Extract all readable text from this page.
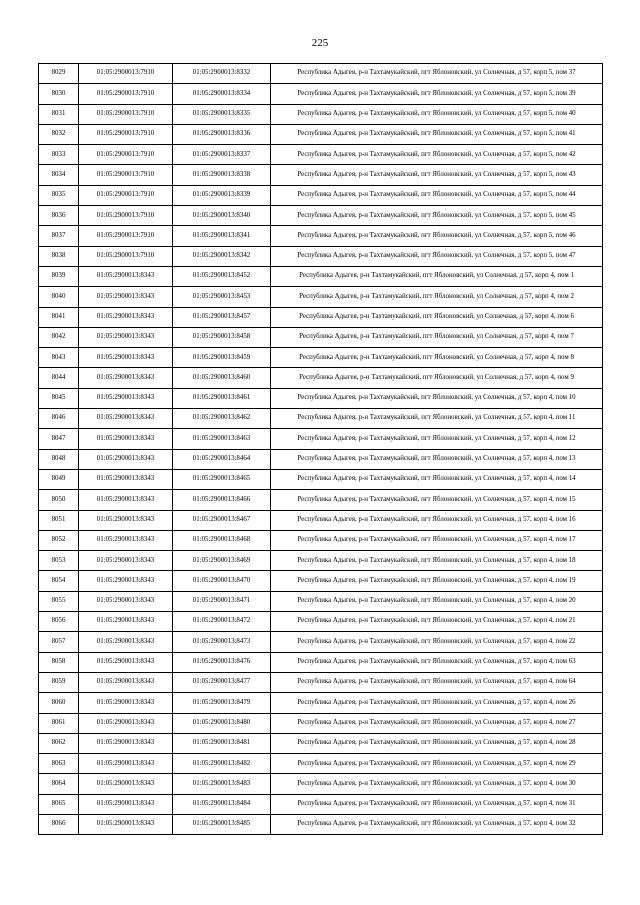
225
8029	01:05:2900013:7910	01:05:2900013:8332	Республика Адыгея, р-н Тахтамукайский, пгт Яблоновский, ул Солнечная, д 57, корп 5, пом 37
8030	01:05:2900013:7910	01:05:2900013:8334	Республика Адыгея, р-н Тахтамукайский, пгт Яблоновский, ул Солнечная, д 57, корп 5, пом 39
8031	01:05:2900013:7910	01:05:2900013:8335	Республика Адыгея, р-н Тахтамукайский, пгт Яблоновский, ул Солнечная, д 57, корп 5, пом 40
8032	01:05:2900013:7910	01:05:2900013:8336	Республика Адыгея, р-н Тахтамукайский, пгт Яблоновский, ул Солнечная, д 57, корп 5, пом 41
8033	01:05:2900013:7910	01:05:2900013:8337	Республика Адыгея, р-н Тахтамукайский, пгт Яблоновский, ул Солнечная, д 57, корп 5, пом 42
8034	01:05:2900013:7910	01:05:2900013:8338	Республика Адыгея, р-н Тахтамукайский, пгт Яблоновский, ул Солнечная, д 57, корп 5, пом 43
8035	01:05:2900013:7910	01:05:2900013:8339	Республика Адыгея, р-н Тахтамукайский, пгт Яблоновский, ул Солнечная, д 57, корп 5, пом 44
8036	01:05:2900013:7910	01:05:2900013:8340	Республика Адыгея, р-н Тахтамукайский, пгт Яблоновский, ул Солнечная, д 57, корп 5, пом 45
8037	01:05:2900013:7910	01:05:2900013:8341	Республика Адыгея, р-н Тахтамукайский, пгт Яблоновский, ул Солнечная, д 57, корп 5, пом 46
8038	01:05:2900013:7910	01:05:2900013:8342	Республика Адыгея, р-н Тахтамукайский, пгт Яблоновский, ул Солнечная, д 57, корп 5, пом 47
8039	01:05:2900013:8343	01:05:2900013:8452	Республика Адыгея, р-н Тахтамукайский, пгт Яблоновский, ул Солнечная, д 57, корп 4, пом 1
8040	01:05:2900013:8343	01:05:2900013:8453	Республика Адыгея, р-н Тахтамукайский, пгт Яблоновский, ул Солнечная, д 57, корп 4, пом 2
8041	01:05:2900013:8343	01:05:2900013:8457	Республика Адыгея, р-н Тахтамукайский, пгт Яблоновский, ул Солнечная, д 57, корп 4, пом 6
8042	01:05:2900013:8343	01:05:2900013:8458	Республика Адыгея, р-н Тахтамукайский, пгт Яблоновский, ул Солнечная, д 57, корп 4, пом 7
8043	01:05:2900013:8343	01:05:2900013:8459	Республика Адыгея, р-н Тахтамукайский, пгт Яблоновский, ул Солнечная, д 57, корп 4, пом 8
8044	01:05:2900013:8343	01:05:2900013:8460	Республика Адыгея, р-н Тахтамукайский, пгт Яблоновский, ул Солнечная, д 57, корп 4, пом 9
8045	01:05:2900013:8343	01:05:2900013:8461	Республика Адыгея, р-н Тахтамукайский, пгт Яблоновский, ул Солнечная, д 57, корп 4, пом 10
8046	01:05:2900013:8343	01:05:2900013:8462	Республика Адыгея, р-н Тахтамукайский, пгт Яблоновский, ул Солнечная, д 57, корп 4, пом 11
8047	01:05:2900013:8343	01:05:2900013:8463	Республика Адыгея, р-н Тахтамукайский, пгт Яблоновский, ул Солнечная, д 57, корп 4, пом 12
8048	01:05:2900013:8343	01:05:2900013:8464	Республика Адыгея, р-н Тахтамукайский, пгт Яблоновский, ул Солнечная, д 57, корп 4, пом 13
8049	01:05:2900013:8343	01:05:2900013:8465	Республика Адыгея, р-н Тахтамукайский, пгт Яблоновский, ул Солнечная, д 57, корп 4, пом 14
8050	01:05:2900013:8343	01:05:2900013:8466	Республика Адыгея, р-н Тахтамукайский, пгт Яблоновский, ул Солнечная, д 57, корп 4, пом 15
8051	01:05:2900013:8343	01:05:2900013:8467	Республика Адыгея, р-н Тахтамукайский, пгт Яблоновский, ул Солнечная, д 57, корп 4, пом 16
8052	01:05:2900013:8343	01:05:2900013:8468	Республика Адыгея, р-н Тахтамукайский, пгт Яблоновский, ул Солнечная, д 57, корп 4, пом 17
8053	01:05:2900013:8343	01:05:2900013:8469	Республика Адыгея, р-н Тахтамукайский, пгт Яблоновский, ул Солнечная, д 57, корп 4, пом 18
8054	01:05:2900013:8343	01:05:2900013:8470	Республика Адыгея, р-н Тахтамукайский, пгт Яблоновский, ул Солнечная, д 57, корп 4, пом 19
8055	01:05:2900013:8343	01:05:2900013:8471	Республика Адыгея, р-н Тахтамукайский, пгт Яблоновский, ул Солнечная, д 57, корп 4, пом 20
8056	01:05:2900013:8343	01:05:2900013:8472	Республика Адыгея, р-н Тахтамукайский, пгт Яблоновский, ул Солнечная, д 57, корп 4, пом 21
8057	01:05:2900013:8343	01:05:2900013:8473	Республика Адыгея, р-н Тахтамукайский, пгт Яблоновский, ул Солнечная, д 57, корп 4, пом 22
8058	01:05:2900013:8343	01:05:2900013:8476	Республика Адыгея, р-н Тахтамукайский, пгт Яблоновский, ул Солнечная, д 57, корп 4, пом 63
8059	01:05:2900013:8343	01:05:2900013:8477	Республика Адыгея, р-н Тахтамукайский, пгт Яблоновский, ул Солнечная, д 57, корп 4, пом 64
8060	01:05:2900013:8343	01:05:2900013:8479	Республика Адыгея, р-н Тахтамукайский, пгт Яблоновский, ул Солнечная, д 57, корп 4, пом 26
8061	01:05:2900013:8343	01:05:2900013:8480	Республика Адыгея, р-н Тахтамукайский, пгт Яблоновский, ул Солнечная, д 57, корп 4, пом 27
8062	01:05:2900013:8343	01:05:2900013:8481	Республика Адыгея, р-н Тахтамукайский, пгт Яблоновский, ул Солнечная, д 57, корп 4, пом 28
8063	01:05:2900013:8343	01:05:2900013:8482	Республика Адыгея, р-н Тахтамукайский, пгт Яблоновский, ул Солнечная, д 57, корп 4, пом 29
8064	01:05:2900013:8343	01:05:2900013:8483	Республика Адыгея, р-н Тахтамукайский, пгт Яблоновский, ул Солнечная, д 57, корп 4, пом 30
8065	01:05:2900013:8343	01:05:2900013:8484	Республика Адыгея, р-н Тахтамукайский, пгт Яблоновский, ул Солнечная, д 57, корп 4, пом 31
8066	01:05:2900013:8343	01:05:2900013:8485	Республика Адыгея, р-н Тахтамукайский, пгт Яблоновский, ул Солнечная, д 57, корп 4, пом 32
